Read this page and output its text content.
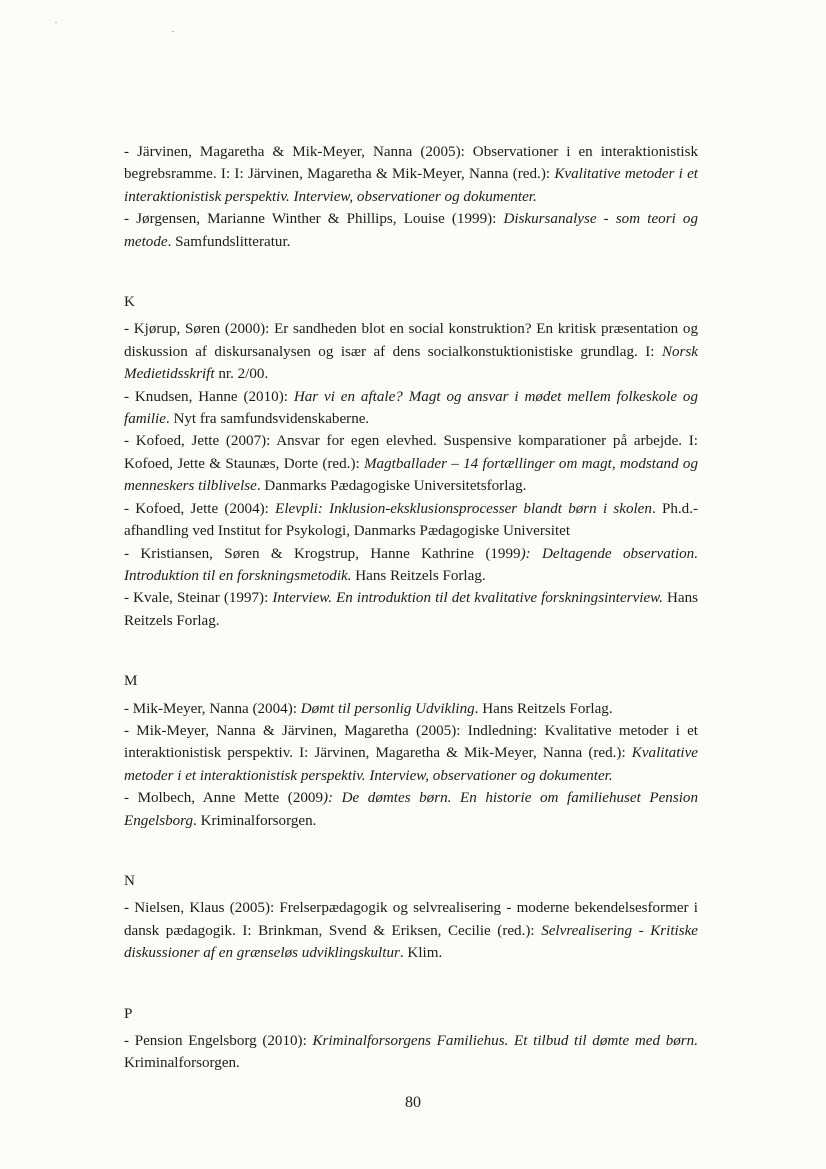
- Järvinen, Magaretha & Mik-Meyer, Nanna (2005): Observationer i en interaktionistisk begrebsramme. I: I: Järvinen, Magaretha & Mik-Meyer, Nanna (red.): Kvalitative metoder i et interaktionistisk perspektiv. Interview, observationer og dokumenter.
- Jørgensen, Marianne Winther & Phillips, Louise (1999): Diskursanalyse - som teori og metode. Samfundslitteratur.
K
- Kjørup, Søren (2000): Er sandheden blot en social konstruktion? En kritisk præsentation og diskussion af diskursanalysen og især af dens socialkonstuktionistiske grundlag. I: Norsk Medietidsskrift nr. 2/00.
- Knudsen, Hanne (2010): Har vi en aftale? Magt og ansvar i mødet mellem folkeskole og familie. Nyt fra samfundsvidenskaberne.
- Kofoed, Jette (2007): Ansvar for egen elevhed. Suspensive komparationer på arbejde. I: Kofoed, Jette & Staunæs, Dorte (red.): Magtballader – 14 fortællinger om magt, modstand og menneskers tilblivelse. Danmarks Pædagogiske Universitetsforlag.
- Kofoed, Jette (2004): Elevpli: Inklusion-eksklusionsprocesser blandt børn i skolen. Ph.d.-afhandling ved Institut for Psykologi, Danmarks Pædagogiske Universitet
- Kristiansen, Søren & Krogstrup, Hanne Kathrine (1999): Deltagende observation. Introduktion til en forskningsmetodik. Hans Reitzels Forlag.
- Kvale, Steinar (1997): Interview. En introduktion til det kvalitative forskningsinterview. Hans Reitzels Forlag.
M
- Mik-Meyer, Nanna (2004): Dømt til personlig Udvikling. Hans Reitzels Forlag.
- Mik-Meyer, Nanna & Järvinen, Magaretha (2005): Indledning: Kvalitative metoder i et interaktionistisk perspektiv. I: Järvinen, Magaretha & Mik-Meyer, Nanna (red.): Kvalitative metoder i et interaktionistisk perspektiv. Interview, observationer og dokumenter.
- Molbech, Anne Mette (2009): De dømtes børn. En historie om familiehuset Pension Engelsborg. Kriminalforsorgen.
N
- Nielsen, Klaus (2005): Frelserpædagogik og selvrealisering - moderne bekendelsesformer i dansk pædagogik. I: Brinkman, Svend & Eriksen, Cecilie (red.): Selvrealisering - Kritiske diskussioner af en grænseløs udviklingskultur. Klim.
P
- Pension Engelsborg (2010): Kriminalforsorgens Familiehus. Et tilbud til dømte med børn. Kriminalforsorgen.
80
